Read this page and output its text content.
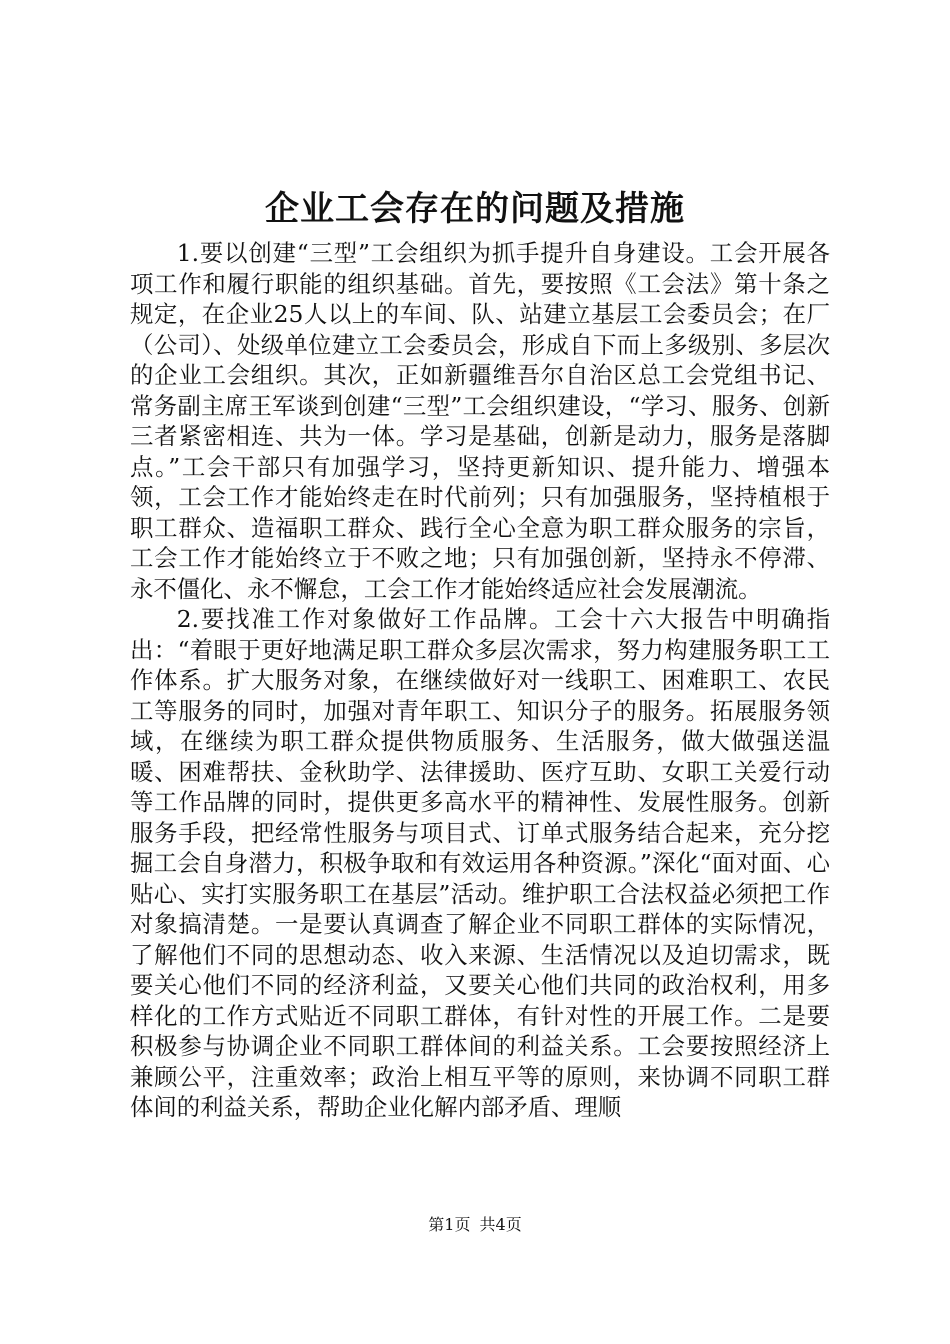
企业工会存在的问题及措施

1.要以创建“三型”工会组织为抓手提升自身建设。工会开展各项工作和履行职能的组织基础。首先，要按照《工会法》第十条之规定，在企业25人以上的车间、队、站建立基层工会委员会；在厂（公司）、处级单位建立工会委员会，形成自下而上多级别、多层次的企业工会组织。其次，正如新疆维吾尔自治区总工会党组书记、常务副主席王军谈到创建“三型”工会组织建设，“学习、服务、创新三者紧密相连、共为一体。学习是基础，创新是动力，服务是落脚点。”工会干部只有加强学习，坚持更新知识、提升能力、增强本领，工会工作才能始终走在时代前列；只有加强服务，坚持植根于职工群众、造福职工群众、践行全心全意为职工群众服务的宗旨，工会工作才能始终立于不败之地；只有加强创新，坚持永不停滞、永不僵化、永不懈怠，工会工作才能始终适应社会发展潮流。

2.要找准工作对象做好工作品牌。工会十六大报告中明确指出：“着眼于更好地满足职工群众多层次需求，努力构建服务职工工作体系。扩大服务对象，在继续做好对一线职工、困难职工、农民工等服务的同时，加强对青年职工、知识分子的服务。拓展服务领域，在继续为职工群众提供物质服务、生活服务，做大做强送温暖、困难帮扶、金秋助学、法律援助、医疗互助、女职工关爱行动等工作品牌的同时，提供更多高水平的精神性、发展性服务。创新服务手段，把经常性服务与项目式、订单式服务结合起来，充分挖掘工会自身潜力，积极争取和有效运用各种资源。”深化“面对面、心贴心、实打实服务职工在基层”活动。维护职工合法权益必须把工作对象搞清楚。一是要认真调查了解企业不同职工群体的实际情况，了解他们不同的思想动态、收入来源、生活情况以及迫切需求，既要关心他们不同的经济利益，又要关心他们共同的政治权利，用多样化的工作方式贴近不同职工群体，有针对性的开展工作。二是要积极参与协调企业不同职工群体间的利益关系。工会要按照经济上兼顾公平，注重效率；政治上相互平等的原则，来协调不同职工群体间的利益关系，帮助企业化解内部矛盾、理顺

第1页 共4页
